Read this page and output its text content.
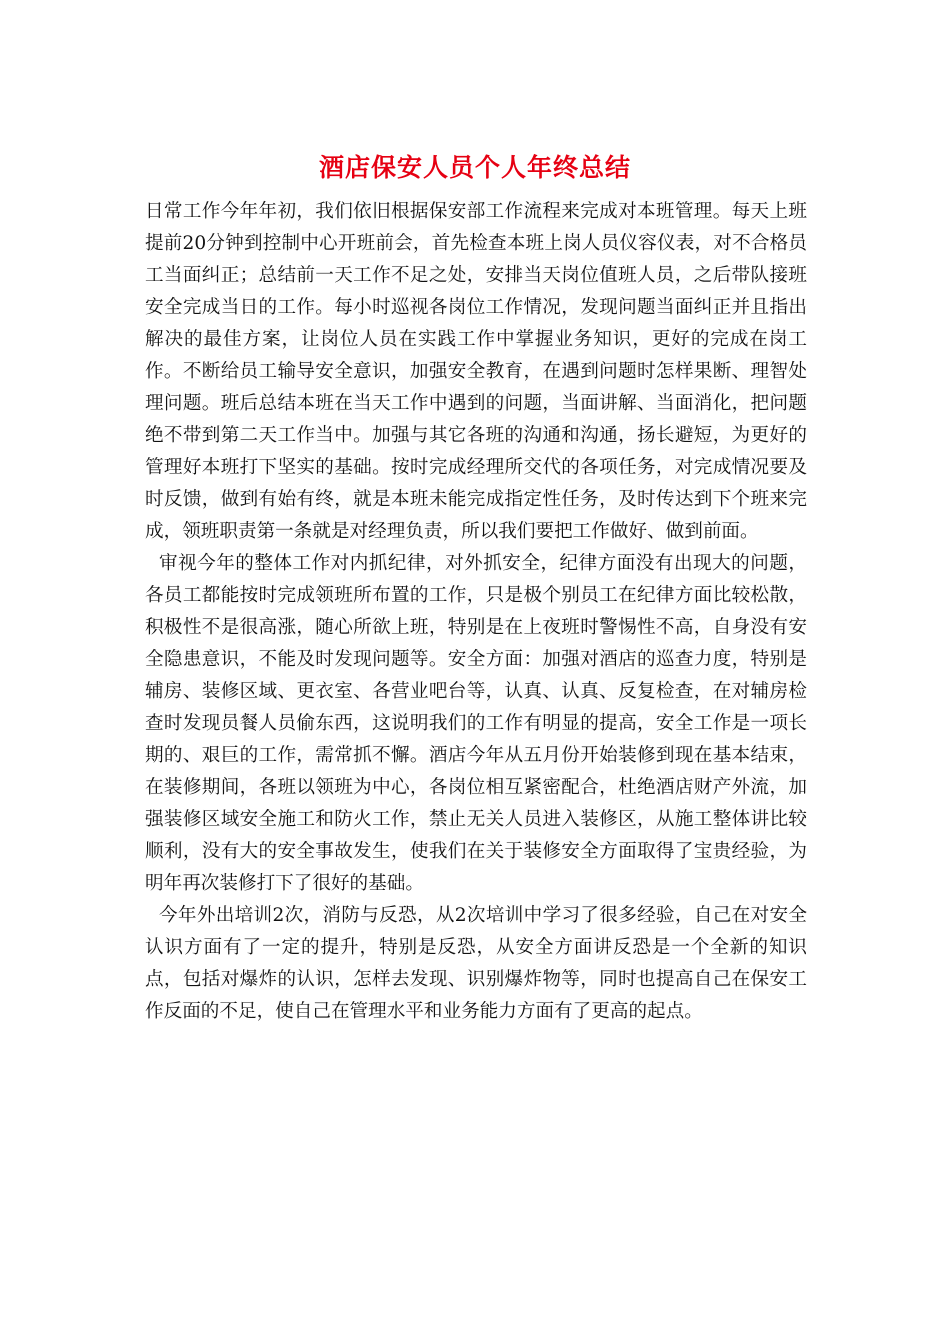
酒店保安人员个人年终总结

日常工作今年年初，我们依旧根据保安部工作流程来完成对本班管理。每天上班提前20分钟到控制中心开班前会，首先检查本班上岗人员仪容仪表，对不合格员工当面纠正；总结前一天工作不足之处，安排当天岗位值班人员，之后带队接班安全完成当日的工作。每小时巡视各岗位工作情况，发现问题当面纠正并且指出解决的最佳方案，让岗位人员在实践工作中掌握业务知识，更好的完成在岗工作。不断给员工输导安全意识，加强安全教育，在遇到问题时怎样果断、理智处理问题。班后总结本班在当天工作中遇到的问题，当面讲解、当面消化，把问题绝不带到第二天工作当中。加强与其它各班的沟通和沟通，扬长避短，为更好的管理好本班打下坚实的基础。按时完成经理所交代的各项任务，对完成情况要及时反馈，做到有始有终，就是本班未能完成指定性任务，及时传达到下个班来完成，领班职责第一条就是对经理负责，所以我们要把工作做好、做到前面。

审视今年的整体工作对内抓纪律，对外抓安全，纪律方面没有出现大的问题，各员工都能按时完成领班所布置的工作，只是极个别员工在纪律方面比较松散，积极性不是很高涨，随心所欲上班，特别是在上夜班时警惕性不高，自身没有安全隐患意识，不能及时发现问题等。安全方面：加强对酒店的巡查力度，特别是辅房、装修区域、更衣室、各营业吧台等，认真、认真、反复检查，在对辅房检查时发现员餐人员偷东西，这说明我们的工作有明显的提高，安全工作是一项长期的、艰巨的工作，需常抓不懈。酒店今年从五月份开始装修到现在基本结束，在装修期间，各班以领班为中心，各岗位相互紧密配合，杜绝酒店财产外流，加强装修区域安全施工和防火工作，禁止无关人员进入装修区，从施工整体讲比较顺利，没有大的安全事故发生，使我们在关于装修安全方面取得了宝贵经验，为明年再次装修打下了很好的基础。

今年外出培训2次，消防与反恐，从2次培训中学习了很多经验，自己在对安全认识方面有了一定的提升，特别是反恐，从安全方面讲反恐是一个全新的知识点，包括对爆炸的认识，怎样去发现、识别爆炸物等，同时也提高自己在保安工作反面的不足，使自己在管理水平和业务能力方面有了更高的起点。
